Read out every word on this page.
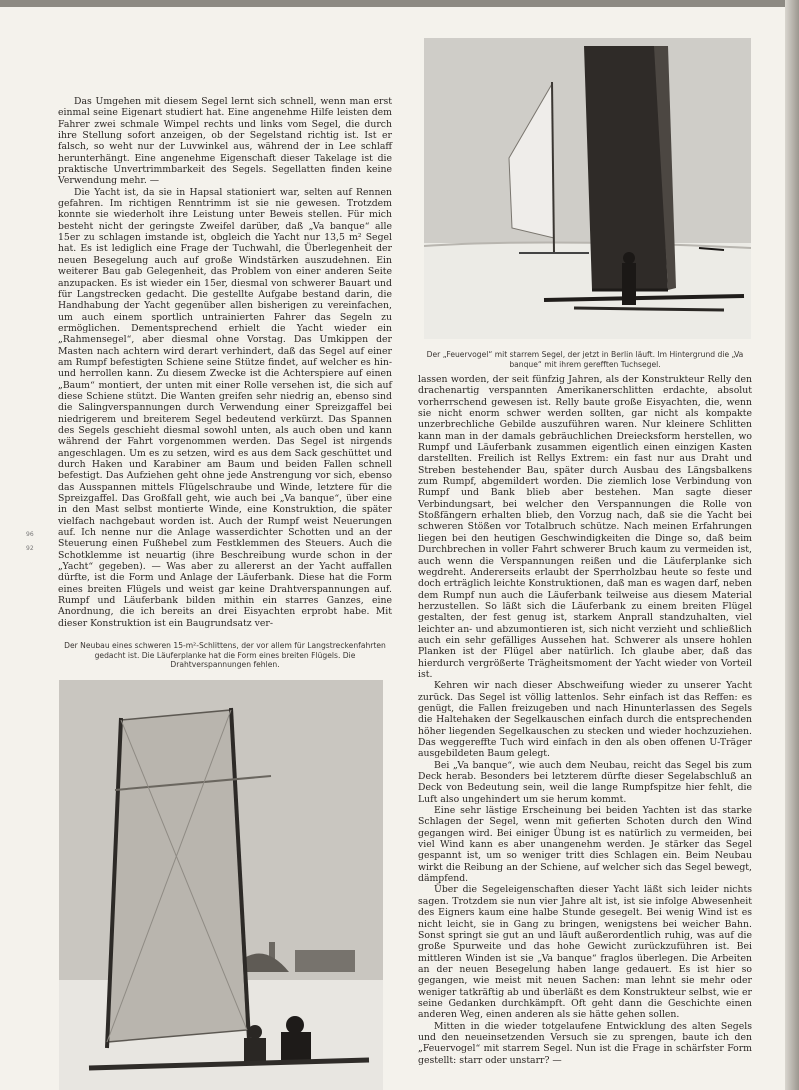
96
92
Der „Feuervogel“ mit starrem Segel, der jetzt in Berlin läuft. Im Hintergrund die „Va banque“ mit ihrem gerefften Tuchsegel.

Das Umgehen mit diesem Segel lernt sich schnell, wenn man erst einmal seine Eigenart studiert hat. Eine angenehme Hilfe leisten dem Fahrer zwei schmale Wimpel rechts und links vom Segel, die durch ihre Stellung sofort anzeigen, ob der Segelstand richtig ist. Ist er falsch, so weht nur der Luvwinkel aus, während der in Lee schlaff herunterhängt. Eine angenehme Eigenschaft dieser Takelage ist die praktische Unvertrimmbarkeit des Segels. Segellatten finden keine Verwendung mehr. —

Die Yacht ist, da sie in Hapsal stationiert war, selten auf Rennen gefahren. Im richtigen Renntrimm ist sie nie gewesen. Trotzdem konnte sie wiederholt ihre Leistung unter Beweis stellen. Für mich besteht nicht der geringste Zweifel darüber, daß „Va banque“ alle 15er zu schlagen imstande ist, obgleich die Yacht nur 13,5 m² Segel hat. Es ist lediglich eine Frage der Tuchwahl, die Überlegenheit der neuen Besegelung auch auf große Windstärken auszudehnen. Ein weiterer Bau gab Gelegenheit, das Problem von einer anderen Seite anzupacken. Es ist wieder ein 15er, diesmal von schwerer Bauart und für Langstrecken gedacht. Die gestellte Aufgabe bestand darin, die Handhabung der Yacht gegenüber allen bisherigen zu vereinfachen, um auch einem sportlich untrainierten Fahrer das Segeln zu ermöglichen. Dementsprechend erhielt die Yacht wieder ein „Rahmensegel“, aber diesmal ohne Vorstag. Das Umkippen der Masten nach achtern wird derart verhindert, daß das Segel auf einer am Rumpf befestigten Schiene seine Stütze findet, auf welcher es hin- und herrollen kann. Zu diesem Zwecke ist die Achterspiere auf einen „Baum“ montiert, der unten mit einer Rolle versehen ist, die sich auf diese Schiene stützt. Die Wanten greifen sehr niedrig an, ebenso sind die Salingverspannungen durch Verwendung einer Spreizgaffel bei niedrigerem und breiterem Segel bedeutend verkürzt. Das Spannen des Segels geschieht diesmal sowohl unten, als auch oben und kann während der Fahrt vorgenommen werden. Das Segel ist nirgends angeschlagen. Um es zu setzen, wird es aus dem Sack geschüttet und durch Haken und Karabiner am Baum und beiden Fallen schnell befestigt. Das Aufziehen geht ohne jede Anstrengung vor sich, ebenso das Ausspannen mittels Flügelschraube und Winde, letztere für die Spreizgaffel. Das Großfall geht, wie auch bei „Va banque“, über eine in den Mast selbst montierte Winde, eine Konstruktion, die später vielfach nachgebaut worden ist. Auch der Rumpf weist Neuerungen auf. Ich nenne nur die Anlage wasserdichter Schotten und an der Steuerung einen Fußhebel zum Festklemmen des Steuers. Auch die Schotklemme ist neuartig (ihre Beschreibung wurde schon in der „Yacht“ gegeben). — Was aber zu allererst an der Yacht auffallen dürfte, ist die Form und Anlage der Läuferbank. Diese hat die Form eines breiten Flügels und weist gar keine Drahtverspannungen auf. Rumpf und Läuferbank bilden mithin ein starres Ganzes, eine Anordnung, die ich bereits an drei Eisyachten erprobt habe. Mit dieser Konstruktion ist ein Baugrundsatz ver-

Der Neubau eines schweren 15-m²-Schlittens, der vor allem für Langstreckenfahrten gedacht ist. Die Läuferplanke hat die Form eines breiten Flügels. Die Drahtverspannungen fehlen.

lassen worden, der seit fünfzig Jahren, als der Konstrukteur Relly den drachenartig verspannten Amerikanerschlitten erdachte, absolut vorherrschend gewesen ist. Relly baute große Eisyachten, die, wenn sie nicht enorm schwer werden sollten, gar nicht als kompakte unzerbrechliche Gebilde auszuführen waren. Nur kleinere Schlitten kann man in der damals gebräuchlichen Dreiecksform herstellen, wo Rumpf und Läuferbank zusammen eigentlich einen einzigen Kasten darstellten. Freilich ist Rellys Extrem: ein fast nur aus Draht und Streben bestehender Bau, später durch Ausbau des Längsbalkens zum Rumpf, abgemildert worden. Die ziemlich lose Verbindung von Rumpf und Bank blieb aber bestehen. Man sagte dieser Verbindungsart, bei welcher den Verspannungen die Rolle von Stoßfängern erhalten blieb, den Vorzug nach, daß sie die Yacht bei schweren Stößen vor Totalbruch schütze. Nach meinen Erfahrungen liegen bei den heutigen Geschwindigkeiten die Dinge so, daß beim Durchbrechen in voller Fahrt schwerer Bruch kaum zu vermeiden ist, auch wenn die Verspannungen reißen und die Läuferplanke sich wegdreht. Andererseits erlaubt der Sperrholzbau heute so feste und doch erträglich leichte Konstruktionen, daß man es wagen darf, neben dem Rumpf nun auch die Läuferbank teilweise aus diesem Material herzustellen. So läßt sich die Läuferbank zu einem breiten Flügel gestalten, der fest genug ist, starkem Anprall standzuhalten, viel leichter an- und abzumontieren ist, sich nicht verzieht und schließlich auch ein sehr gefälliges Aussehen hat. Schwerer als unsere hohlen Planken ist der Flügel aber natürlich. Ich glaube aber, daß das hierdurch vergrößerte Trägheitsmoment der Yacht wieder von Vorteil ist.

Kehren wir nach dieser Abschweifung wieder zu unserer Yacht zurück. Das Segel ist völlig lattenlos. Sehr einfach ist das Reffen: es genügt, die Fallen freizugeben und nach Hinunterlassen des Segels die Haltehaken der Segelkauschen einfach durch die entsprechenden höher liegenden Segelkauschen zu stecken und wieder hochzuziehen. Das weggereffte Tuch wird einfach in den als oben offenen U-Träger ausgebildeten Baum gelegt.

Bei „Va banque“, wie auch dem Neubau, reicht das Segel bis zum Deck herab. Besonders bei letzterem dürfte dieser Segelabschluß an Deck von Bedeutung sein, weil die lange Rumpfspitze hier fehlt, die Luft also ungehindert um sie herum kommt.

Eine sehr lästige Erscheinung bei beiden Yachten ist das starke Schlagen der Segel, wenn mit gefierten Schoten durch den Wind gegangen wird. Bei einiger Übung ist es natürlich zu vermeiden, bei viel Wind kann es aber unangenehm werden. Je stärker das Segel gespannt ist, um so weniger tritt dies Schlagen ein. Beim Neubau wirkt die Reibung an der Schiene, auf welcher sich das Segel bewegt, dämpfend.

Über die Segeleigenschaften dieser Yacht läßt sich leider nichts sagen. Trotzdem sie nun vier Jahre alt ist, ist sie infolge Abwesenheit des Eigners kaum eine halbe Stunde gesegelt. Bei wenig Wind ist es nicht leicht, sie in Gang zu bringen, wenigstens bei weicher Bahn. Sonst springt sie gut an und läuft außerordentlich ruhig, was auf die große Spurweite und das hohe Gewicht zurückzuführen ist. Bei mittleren Winden ist sie „Va banque“ fraglos überlegen. Die Arbeiten an der neuen Besegelung haben lange gedauert. Es ist hier so gegangen, wie meist mit neuen Sachen: man lehnt sie mehr oder weniger tatkräftig ab und überläßt es dem Konstrukteur selbst, wie er seine Gedanken durchkämpft. Oft geht dann die Geschichte einen anderen Weg, einen anderen als sie hätte gehen sollen.

Mitten in die wieder totgelaufene Entwicklung des alten Segels und den neueinsetzenden Versuch sie zu sprengen, baute ich den „Feuervogel“ mit starrem Segel. Nun ist die Frage in schärfster Form gestellt: starr oder unstarr? —
